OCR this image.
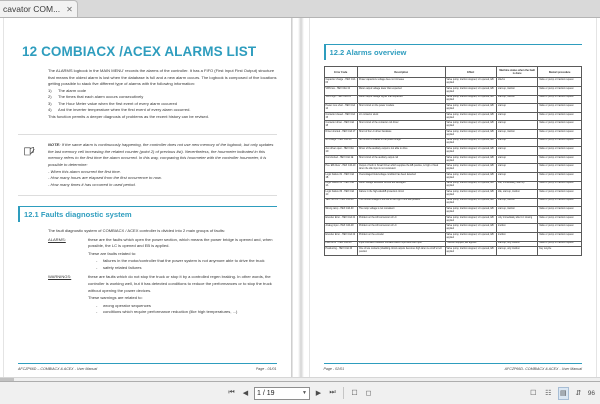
cavator COM... ✕
12 COMBIACX /ACEX ALARMS LIST
The ALARMS logbook in the MAIN MENU' records the alarms of the controller. It has a FIFO (First Input First Output) structure that means the oldest alarm is lost when the database is full and a new alarm occurs. The logbook is composed of five locations getting possible to stack five different type of alarms with the following information:
1)	The alarm code
2)	The times that each alarm occurs consecutively
3)	The Hour Meter value when the first event of every alarm occurred
4)	And the inverter temperature when the first event of every alarm occurred.
This function permits a deeper diagnosis of problems as the recent history can be revised.
NOTE: If the same alarm is continuously happening, the controller does not use new memory of the logbook, but only updates the last memory cell increasing the related counter (point 2) of previous list). Nevertheless, the hourmeter indicated in this memory refers to the first time the alarm occurred. In this way, comparing this hourmeter with the controller hourmeter, it is possible to determine:
- When this alarm occurred the first time.
- How many hours are elapsed from the first occurrence to now.
- How many times it has occurred in used period.
12.1 Faults diagnostic system
The fault diagnostic system of COMBIACX / ACEX controller is divided into 2 main groups of faults:
ALARMS:	these are the faults which open the power section, which means the power bridge is opened and, when possible, the LC is opened and EB is applied.
These are faults related to:
-	failures in the motor/controller that the power system is not anymore able to drive the truck
-	safety related failures
WARNINGS:	these are faults which do not stop the truck or stop it by a controlled regen braking. In other words, the controller is working well, but it has detected conditions to reduce the performances or to stop the truck without opening the power devices.
These warnings are related to:
-	wrong operator sequences
-	conditions which require performance reduction (like high temperatures, ...)
AFCZP66D – COMBIACX & ACEX - User Manual	Page - 01/01
12.2 Alarms overview
Error Code	Description	Effect	Machine status when the fault is done	Restart procedure
Capacitor charge - HEX C4A 06	Power capacitors voltage does not increase	Valve pump, traction stopped, LC opened, EB applied	Idle/no	Valve or pump or traction request
VMN low - HEX C4A 13	Motor output voltage lower than expected	Valve pump, traction stopped, LC opened, EB applied	start-up, traction	Valve or pump or traction request
VMN high - HEX C4A 12	Motor output voltage higher than expected	Valve pump, traction stopped, LC opened, EB applied	start-up, traction	Valve or pump or traction request
Power mos short - HEX C4A 14	Short circuit on the power mosfets	Valve pump, traction stopped, LC opened, EB applied	start-up	Valve or pump or traction request
Contactor closed - HEX C4A 15	LC contactor stuck	Valve pump, traction stopped, LC opened, EB applied	start-up	Valve or pump or traction request
Contactor driver - HEX C4A 18	Short circuit of the contactor coil driver	Valve pump, traction stopped, LC opened, EB applied	start-up	Valve or pump or traction request
Driver shorted - HEX C4A 17	Short of the LC driver hardware	Valve pump, traction stopped, LC opened, EB applied	start-up, traction	Valve or pump or traction request
No charge - HEX C4A 19	No current circulates in the power bridge	Valve pump, traction stopped, LC opened, EB applied	start-up	Valve or pump or traction request
Aux driver open - HEX C4A 1D	Driver of the auxiliary output is not able to drive	Valve pump, traction stopped, LC opened, EB applied	start-up	Valve or pump or traction request
Coil shorted - HEX C4A 1E	Short circuit of the auxiliary output coil	Valve pump, traction stopped, LC opened, EB applied	start-up	Valve or pump or traction request
Pos. EB driver - HEX C4A 1F	Output of both in Smart Driver which supplies the EB positive, is high or fixed when the idle input is not consistent	Valve pump, traction stopped, LC opened, EB applied	start-up	Valve or pump or traction request
Logic Failure #1 - HEX C4A 1B	Overvoltage/Undervoltage condition has been detected	Valve pump, traction stopped, LC opened, EB applied	start-up	Valve or pump or traction request
Logic Failure #2 - HEX C4A 1A	Motor voltage feedback circuits are damaged	Valve pump, traction stopped, LC opened, EB applied	idle, immediately, start-up	Valve or pump or traction request
Logic Failure #3 - HEX C4A 1C	Failure in the high-side/EB protection circuit	Valve pump, traction stopped, LC opened, EB applied	idle, start-up, traction	Valve or pump or traction request
Vacc not OK - HEX C4A 20	The throttle voltage is too low or too high in the idle position	Valve pump, traction stopped, LC opened, EB applied	start-up, traction	Valve or pump or traction request
Wrong ramp - HEX C4A 30	The ramp voltage is not consistent	Valve pump, traction stopped, LC opened, EB applied	start-up, traction	Valve or pump or traction request
Encoder Error - HEX C4A 41	Problem on the AD conversion of LC	Valve pump, traction stopped, LC opened, EB applied	only immediately after LC closing	Valve or pump or traction request
Analog input - HEX C4A 48	Problem on the AD conversion of LC	Valve pump, traction stopped, LC opened, EB applied	traction	Valve or pump or traction request
Encoder Error - HEX C4A 42	Problem on the encoder	Valve pump, traction stopped, LC opened, EB applied	traction	Valve or pump or traction request
Filter error - HEX C4A 66	Input mismatch between nonflash switch input and filter input	Traction stopped, EB applied	start-up, only traction	Valve or pump or traction request
Positioning - HEX C4A 46	One of two contacts (disabling circuit outputs becomes high when is on/off or left position	Valve pump, traction stopped, LC opened, EB applied	start-up, only traction	Key recycle
Page - 02/01	AFCZP66D- COMBIACX & ACEX - User Manual
⏮	◀	1 / 19	▼	▶	⏭	☐	◻	☐	☷	▤	⇵	96
